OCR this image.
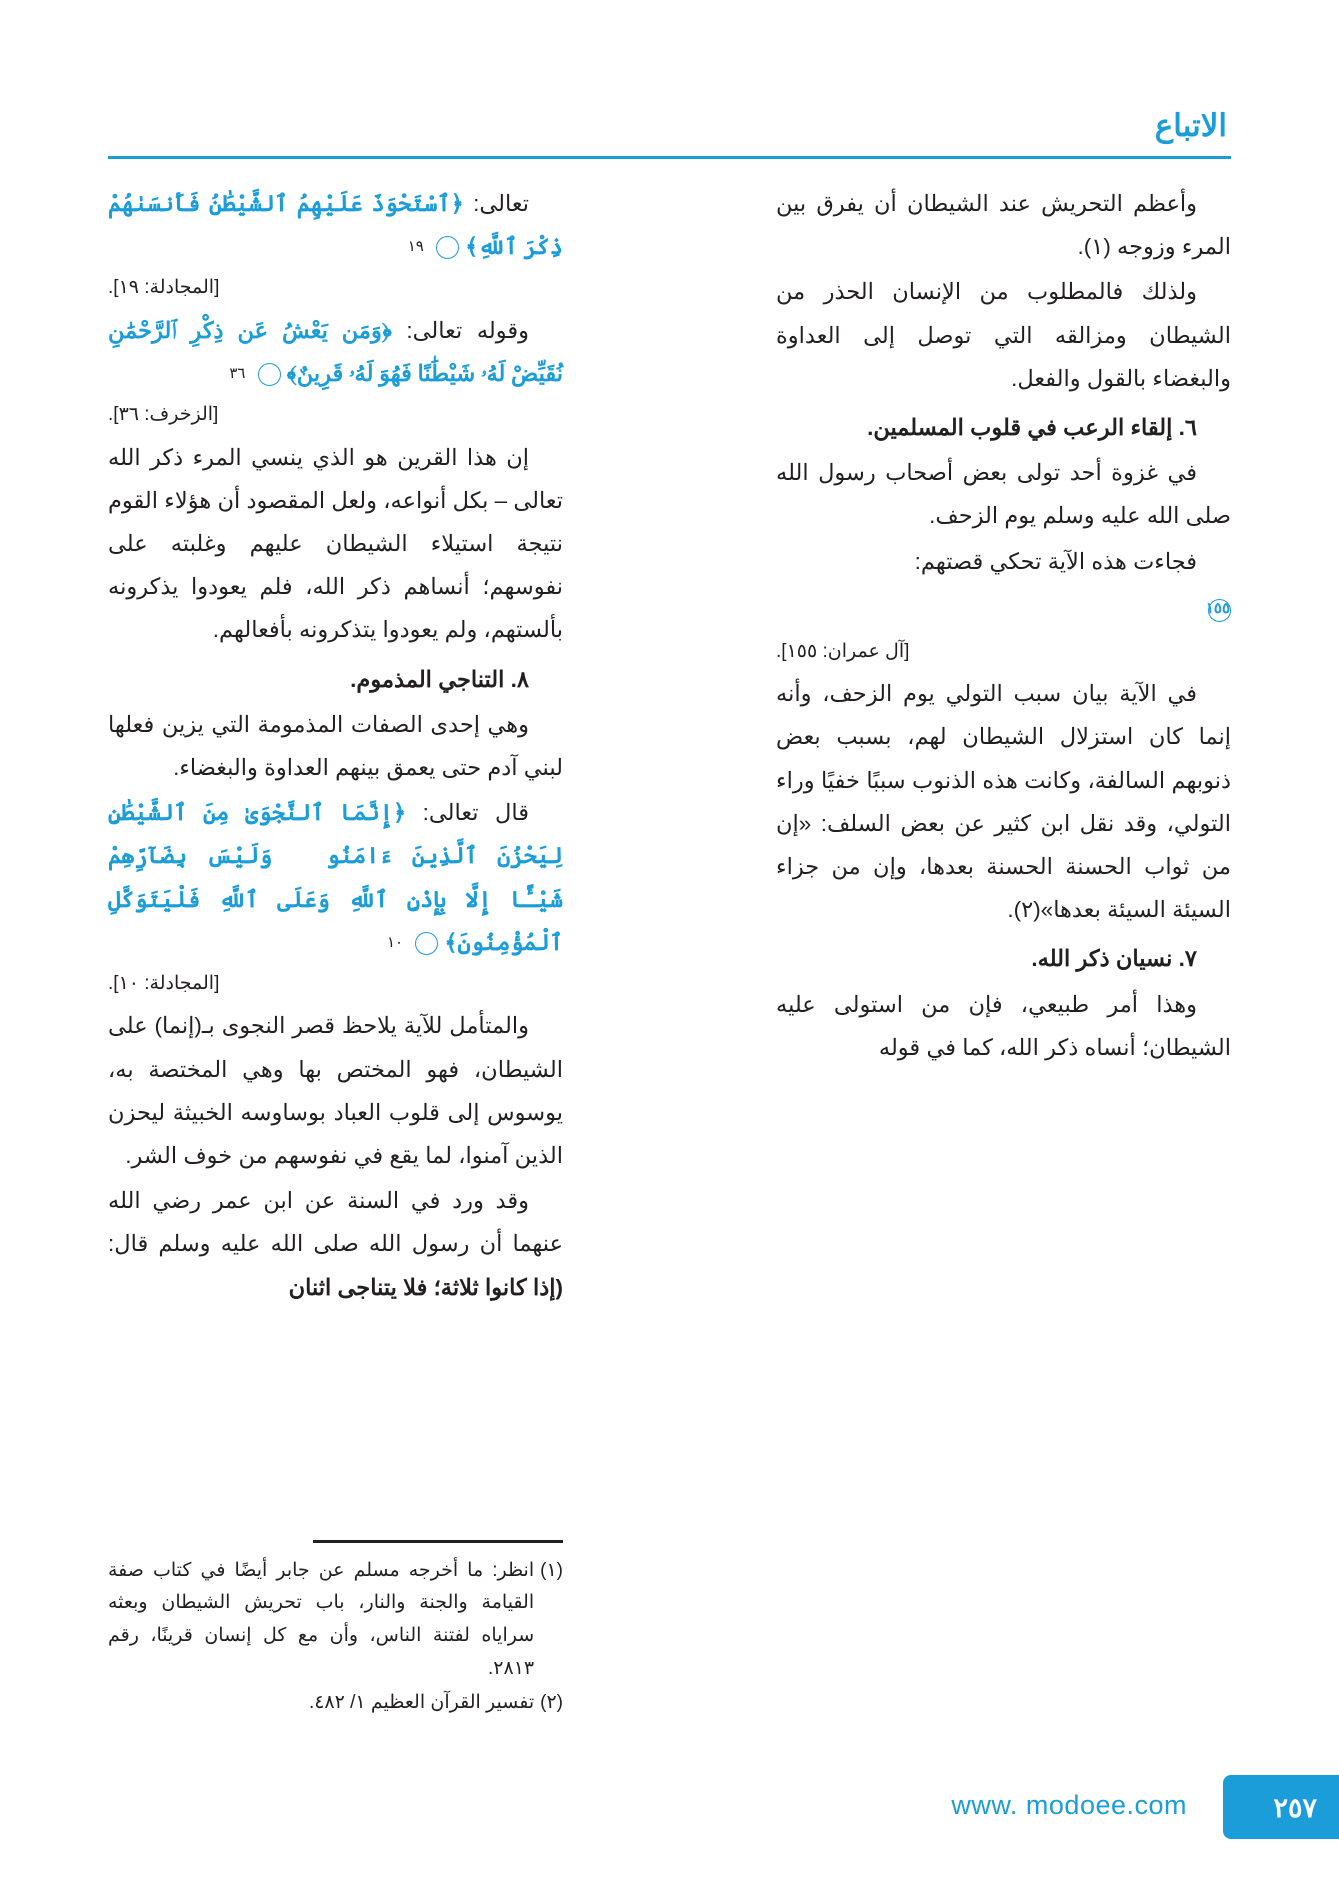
الاتباع

وأعظم التحريش عند الشيطان أن يفرق بين المرء وزوجه (١).

ولذلك فالمطلوب من الإنسان الحذر من الشيطان ومزالقه التي توصل إلى العداوة والبغضاء بالقول والفعل.

٦. إلقاء الرعب في قلوب المسلمين.

في غزوة أحد تولى بعض أصحاب رسول الله صلى الله عليه وسلم يوم الزحف.

فجاءت هذه الآية تحكي قصتهم:

١٥٥

[آل عمران: ١٥٥].

في الآية بيان سبب التولي يوم الزحف، وأنه إنما كان استزلال الشيطان لهم، بسبب بعض ذنوبهم السالفة، وكانت هذه الذنوب سببًا خفيًا وراء التولي، وقد نقل ابن كثير عن بعض السلف: «إن من ثواب الحسنة الحسنة بعدها، وإن من جزاء السيئة السيئة بعدها»(٢).

٧. نسيان ذكر الله.

وهذا أمر طبيعي، فإن من استولى عليه الشيطان؛ أنساه ذكر الله، كما في قوله

تعالى: ﴿ٱسْتَحْوَذَ عَلَيْهِمُ ٱلشَّيْطَٰنُ فَأَنسَىٰهُمْ ذِكْرَ ٱللَّهِ﴾ ١٩

[المجادلة: ١٩].

وقوله تعالى: ﴿وَمَن يَعْشُ عَن ذِكْرِ ٱلرَّحْمَٰنِ نُقَيِّضْ لَهُۥ شَيْطَٰنًا فَهُوَ لَهُۥ قَرِينٌ﴾ ٣٦

[الزخرف: ٣٦].

إن هذا القرين هو الذي ينسي المرء ذكر الله تعالى – بكل أنواعه، ولعل المقصود أن هؤلاء القوم نتيجة استيلاء الشيطان عليهم وغلبته على نفوسهم؛ أنساهم ذكر الله، فلم يعودوا يذكرونه بألستهم، ولم يعودوا يتذكرونه بأفعالهم.

٨. التناجي المذموم.

وهي إحدى الصفات المذمومة التي يزين فعلها لبني آدم حتى يعمق بينهم العداوة والبغضاء.

قال تعالى: ﴿إِنَّمَا ٱلنَّجْوَىٰ مِنَ ٱلشَّيْطَٰنِ لِيَحْزُنَ ٱلَّذِينَ ءَامَنُوا۟ وَلَيْسَ بِضَآرِّهِمْ شَيْـًٔا إِلَّا بِإِذْنِ ٱللَّهِ وَعَلَى ٱللَّهِ فَلْيَتَوَكَّلِ ٱلْمُؤْمِنُونَ﴾ ١٠

[المجادلة: ١٠].

والمتأمل للآية يلاحظ قصر النجوى بـ(إنما) على الشيطان، فهو المختص بها وهي المختصة به، يوسوس إلى قلوب العباد بوساوسه الخبيثة ليحزن الذين آمنوا، لما يقع في نفوسهم من خوف الشر.

وقد ورد في السنة عن ابن عمر رضي الله عنهما أن رسول الله صلى الله عليه وسلم قال: (إذا كانوا ثلاثة؛ فلا يتناجى اثنان

(١)
انظر: ما أخرجه مسلم عن جابر أيضًا في كتاب صفة القيامة والجنة والنار، باب تحريش الشيطان وبعثه سراياه لفتنة الناس، وأن مع كل إنسان قرينًا، رقم ٢٨١٣.
(٢)
تفسير القرآن العظيم ١/ ٤٨٢.
٢٥٧
www. modoee.com
